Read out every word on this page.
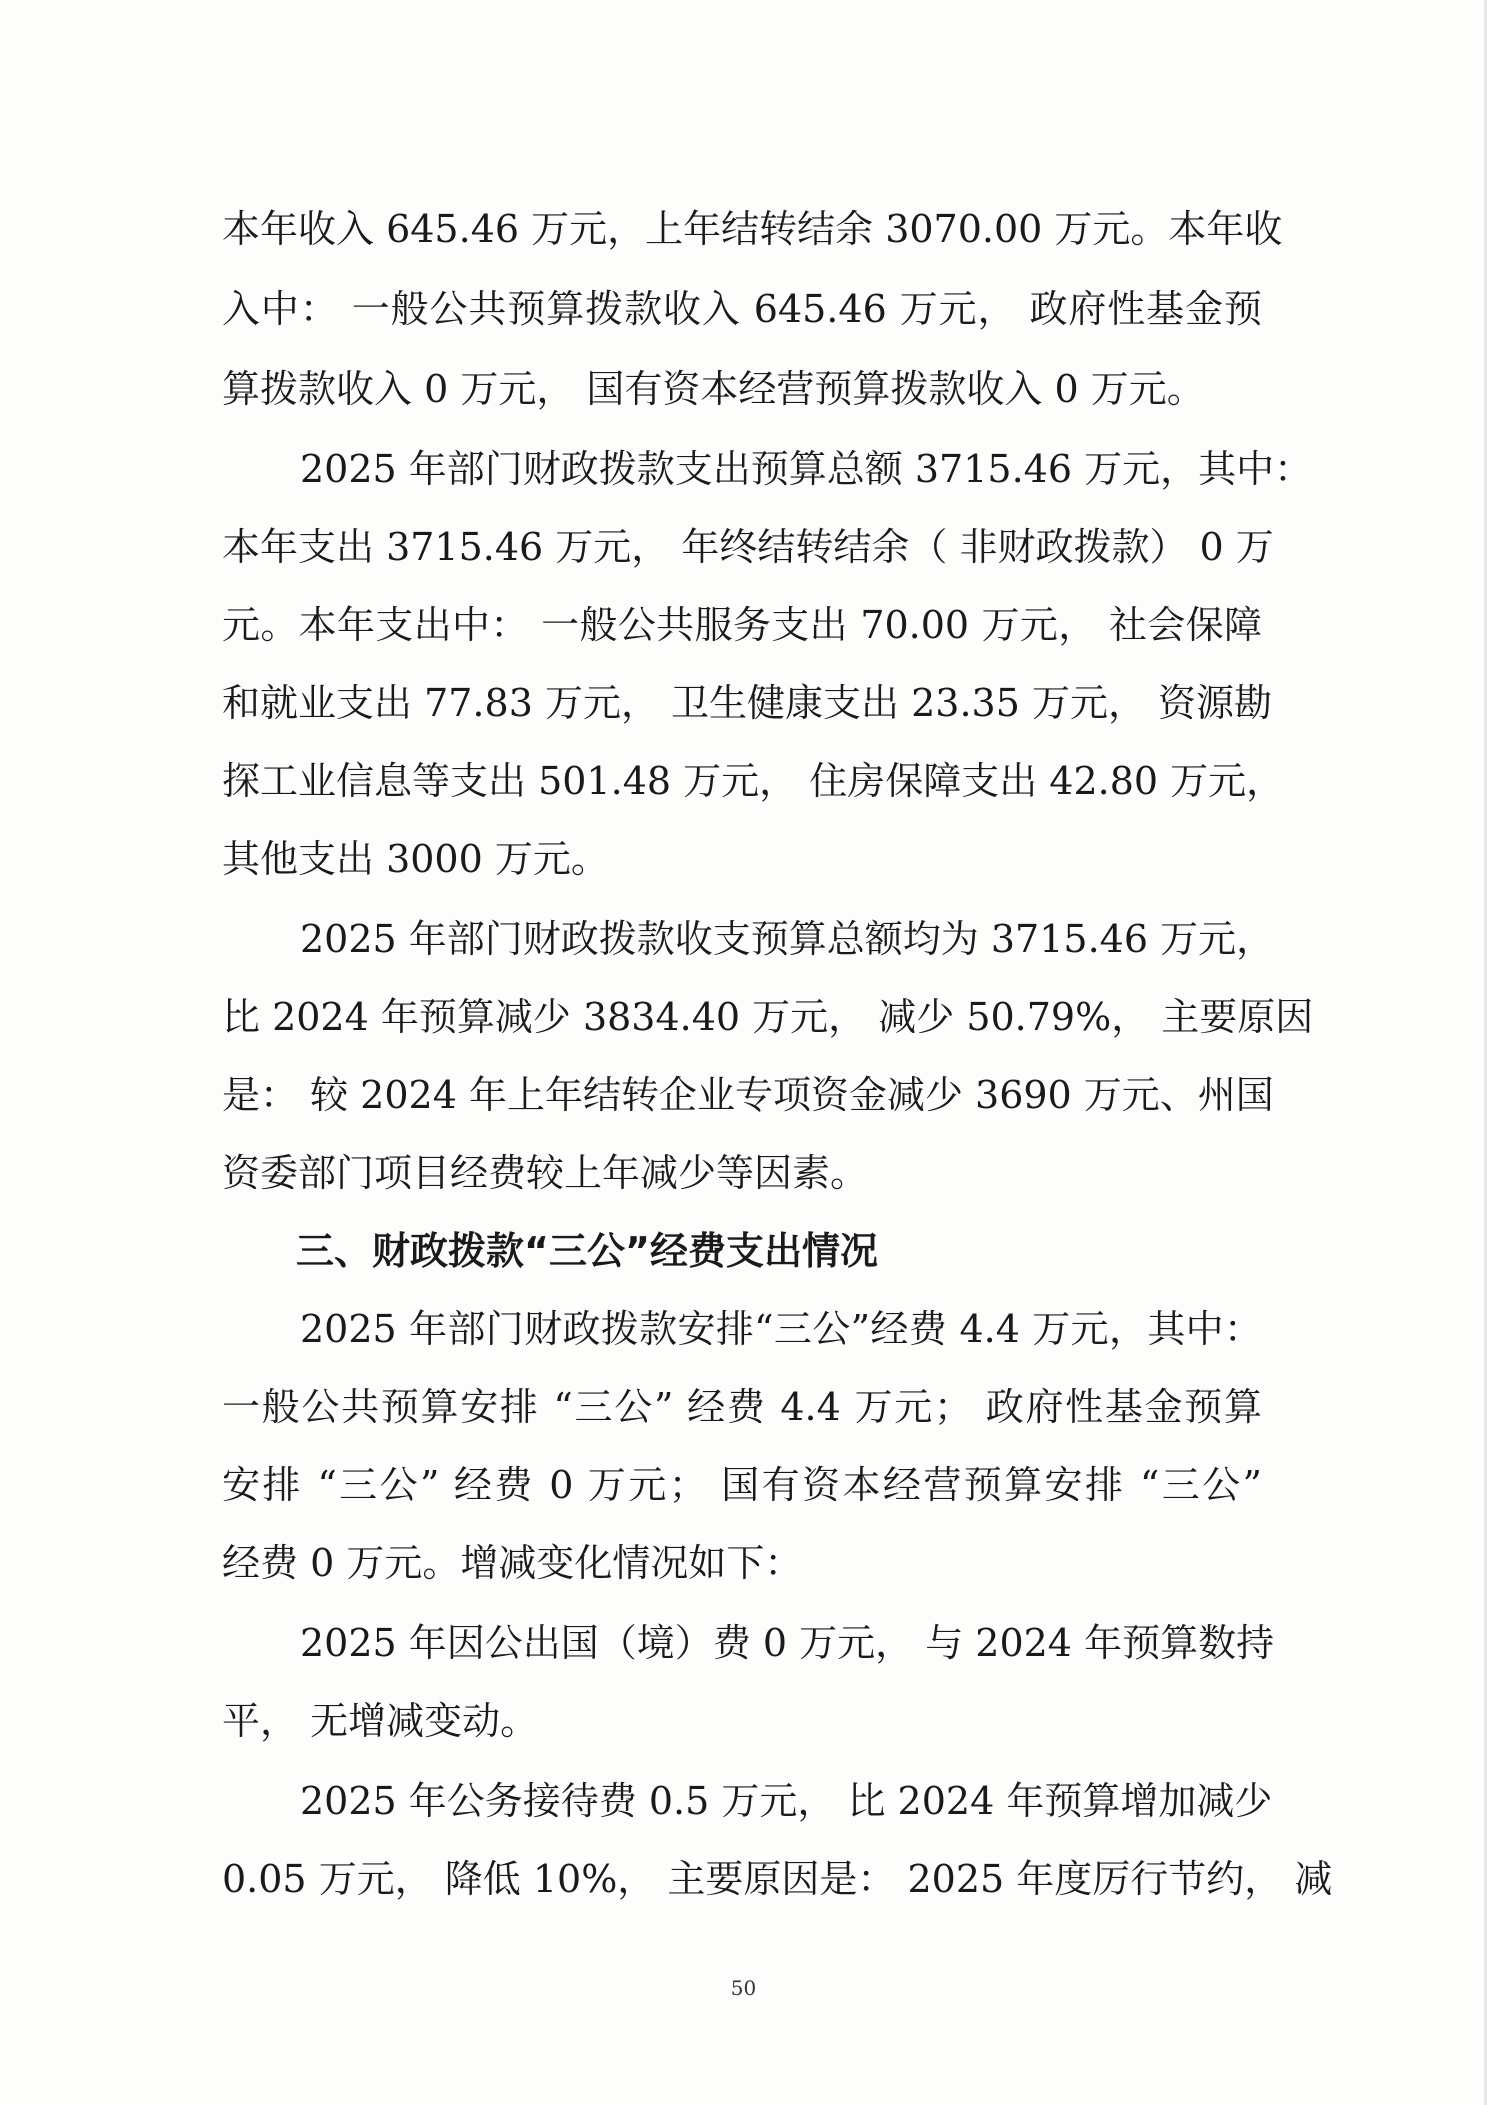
本年收入 645.46 万元，上年结转结余 3070.00 万元。本年收
入中： 一般公共预算拨款收入 645.46 万元， 政府性基金预
算拨款收入 0 万元， 国有资本经营预算拨款收入 0 万元。
2025 年部门财政拨款支出预算总额 3715.46 万元，其中：
本年支出 3715.46 万元， 年终结转结余（ 非财政拨款） 0 万
元。本年支出中： 一般公共服务支出 70.00 万元， 社会保障
和就业支出 77.83 万元， 卫生健康支出 23.35 万元， 资源勘
探工业信息等支出 501.48 万元， 住房保障支出 42.80 万元，
其他支出 3000 万元。
2025 年部门财政拨款收支预算总额均为 3715.46 万元，
比 2024 年预算减少 3834.40 万元， 减少 50.79%， 主要原因
是： 较 2024 年上年结转企业专项资金减少 3690 万元、州国
资委部门项目经费较上年减少等因素。
三、财政拨款“三公”经费支出情况
2025 年部门财政拨款安排“三公”经费 4.4 万元，其中：
一般公共预算安排 “三公” 经费 4.4 万元； 政府性基金预算
安排 “三公” 经费 0 万元； 国有资本经营预算安排 “三公”
经费 0 万元。增减变化情况如下：
2025 年因公出国（境）费 0 万元， 与 2024 年预算数持
平， 无增减变动。
2025 年公务接待费 0.5 万元， 比 2024 年预算增加减少
0.05 万元， 降低 10%， 主要原因是： 2025 年度厉行节约， 减
50
